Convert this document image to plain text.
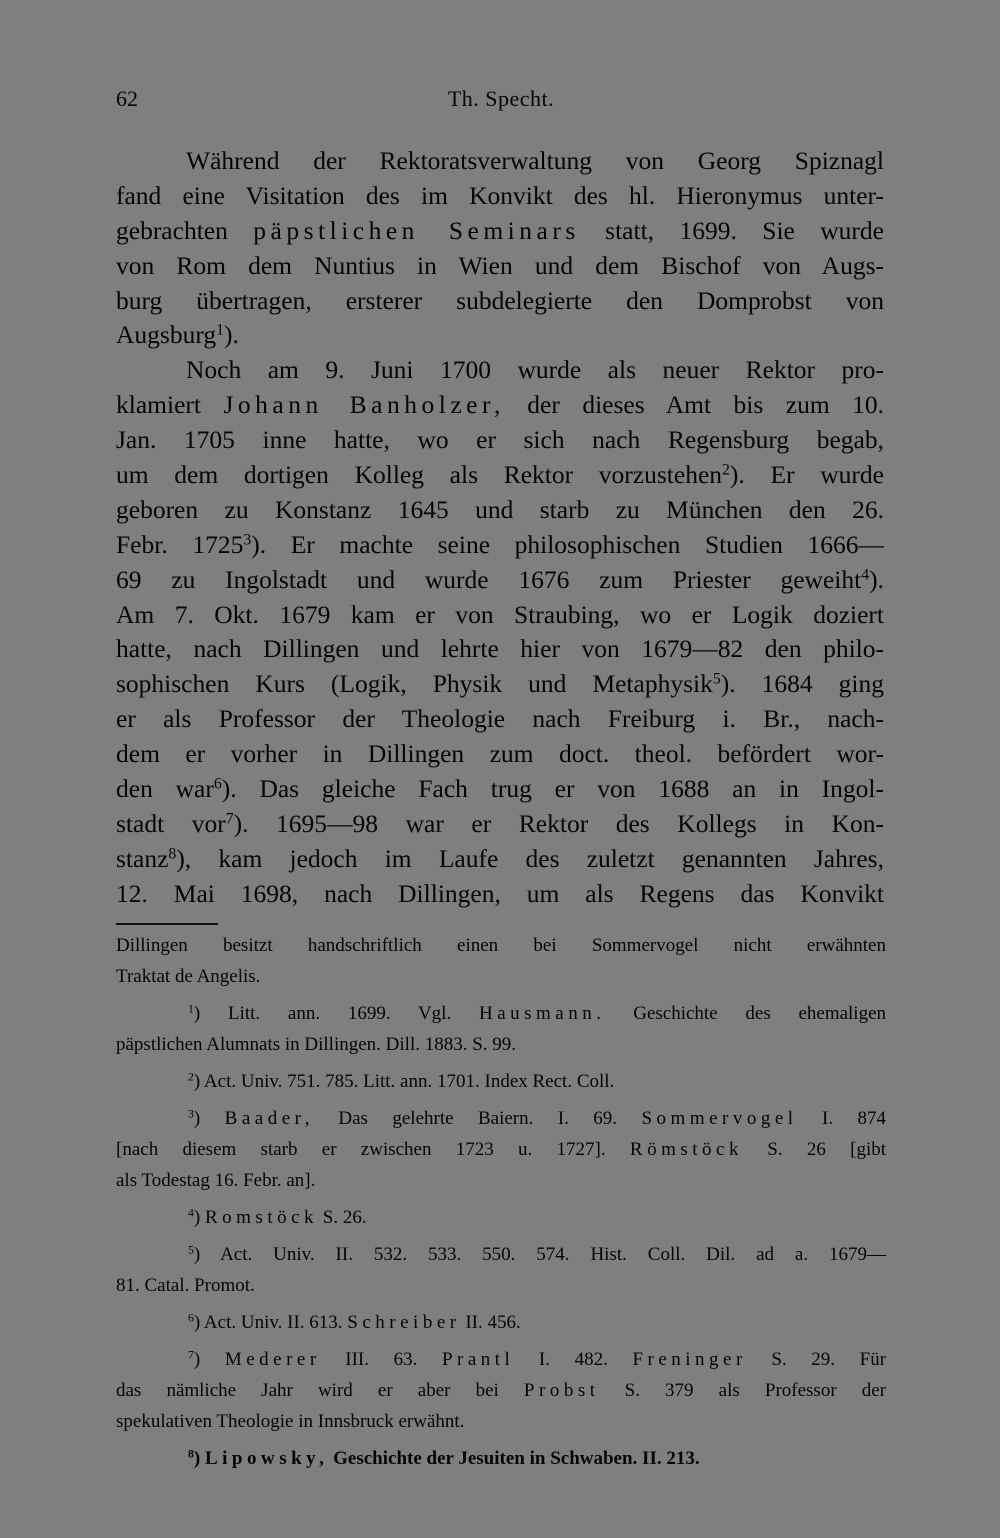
62	Th. Specht.
Während der Rektoratsverwaltung von Georg Spiznagl
fand eine Visitation des im Konvikt des hl. Hieronymus unter-
gebrachten päpstlichen Seminars statt, 1699. Sie wurde
von Rom dem Nuntius in Wien und dem Bischof von Augs-
burg übertragen, ersterer subdelegierte den Domprobst von
Augsburg$^1$).
Noch am 9. Juni 1700 wurde als neuer Rektor pro-
klamiert Johann Banholzer, der dieses Amt bis zum 10.
Jan. 1705 inne hatte, wo er sich nach Regensburg begab,
um dem dortigen Kolleg als Rektor vorzustehen$^2$). Er wurde
geboren zu Konstanz 1645 und starb zu München den 26.
Febr. 1725$^3$). Er machte seine philosophischen Studien 1666—
69 zu Ingolstadt und wurde 1676 zum Priester geweiht$^4$).
Am 7. Okt. 1679 kam er von Straubing, wo er Logik doziert
hatte, nach Dillingen und lehrte hier von 1679—82 den philo-
sophischen Kurs (Logik, Physik und Metaphysik$^5$). 1684 ging
er als Professor der Theologie nach Freiburg i. Br., nach-
dem er vorher in Dillingen zum doct. theol. befördert wor-
den war$^6$). Das gleiche Fach trug er von 1688 an in Ingol-
stadt vor$^7$). 1695—98 war er Rektor des Kollegs in Kon-
stanz$^8$), kam jedoch im Laufe des zuletzt genannten Jahres,
12. Mai 1698, nach Dillingen, um als Regens das Konvikt
Dillingen besitzt handschriftlich einen bei Sommervogel nicht erwähnten
Traktat de Angelis.
$^1$) Litt. ann. 1699. Vgl. Hausmann. Geschichte des ehemaligen
päpstlichen Alumnats in Dillingen. Dill. 1883. S. 99.
$^2$) Act. Univ. 751. 785. Litt. ann. 1701. Index Rect. Coll.
$^3$) Baader, Das gelehrte Baiern. I. 69. Sommervogel I. 874
[nach diesem starb er zwischen 1723 u. 1727]. Römstöck S. 26 [gibt
als Todestag 16. Febr. an].
$^4$) Romstöck S. 26.
$^5$) Act. Univ. II. 532. 533. 550. 574. Hist. Coll. Dil. ad a. 1679—
81. Catal. Promot.
$^6$) Act. Univ. II. 613. Schreiber II. 456.
$^7$) Mederer III. 63. Prantl I. 482. Freninger S. 29. Für
das nämliche Jahr wird er aber bei Probst S. 379 als Professor der
spekulativen Theologie in Innsbruck erwähnt.
$^8$) Lipowsky, Geschichte der Jesuiten in Schwaben. II. 213.
